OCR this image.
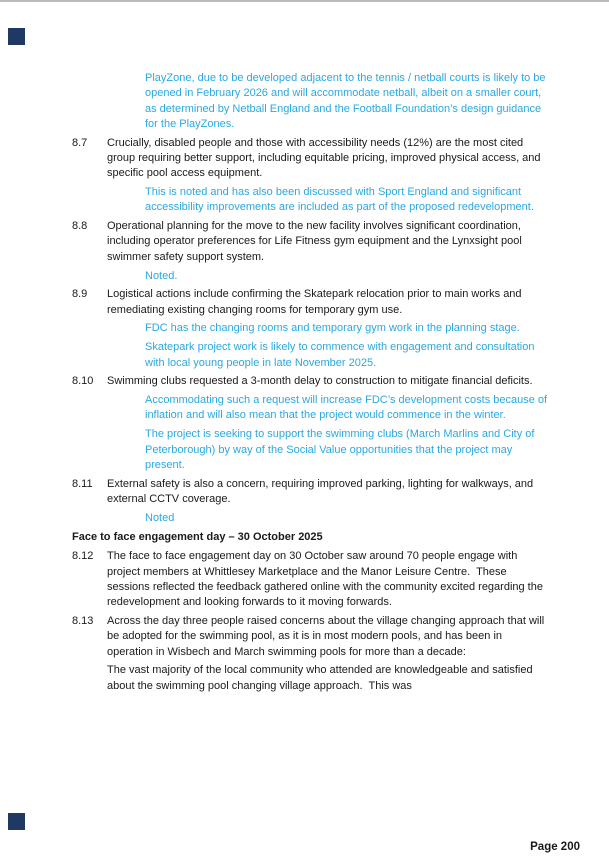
PlayZone, due to be developed adjacent to the tennis / netball courts is likely to be opened in February 2026 and will accommodate netball, albeit on a smaller court, as determined by Netball England and the Football Foundation’s design guidance for the PlayZones.
8.7	Crucially, disabled people and those with accessibility needs (12%) are the most cited group requiring better support, including equitable pricing, improved physical access, and specific pool access equipment.
This is noted and has also been discussed with Sport England and significant accessibility improvements are included as part of the proposed redevelopment.
8.8	Operational planning for the move to the new facility involves significant coordination, including operator preferences for Life Fitness gym equipment and the Lynxsight pool swimmer safety support system.
Noted.
8.9	Logistical actions include confirming the Skatepark relocation prior to main works and remediating existing changing rooms for temporary gym use.
FDC has the changing rooms and temporary gym work in the planning stage.
Skatepark project work is likely to commence with engagement and consultation with local young people in late November 2025.
8.10	Swimming clubs requested a 3-month delay to construction to mitigate financial deficits.
Accommodating such a request will increase FDC’s development costs because of inflation and will also mean that the project would commence in the winter.
The project is seeking to support the swimming clubs (March Marlins and City of Peterborough) by way of the Social Value opportunities that the project may present.
8.11	External safety is also a concern, requiring improved parking, lighting for walkways, and external CCTV coverage.
Noted
Face to face engagement day – 30 October 2025
8.12	The face to face engagement day on 30 October saw around 70 people engage with project members at Whittlesey Marketplace and the Manor Leisure Centre.  These sessions reflected the feedback gathered online with the community excited regarding the redevelopment and looking forwards to it moving forwards.
8.13	Across the day three people raised concerns about the village changing approach that will be adopted for the swimming pool, as it is in most modern pools, and has been in operation in Wisbech and March swimming pools for more than a decade:
The vast majority of the local community who attended are knowledgeable and satisfied about the swimming pool changing village approach.  This was
Page 200
